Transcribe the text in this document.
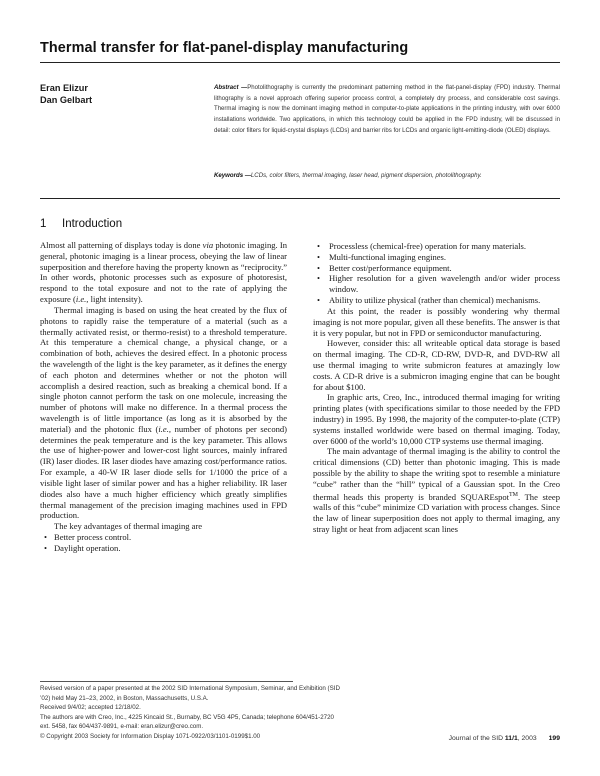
Thermal transfer for flat-panel-display manufacturing
Eran Elizur
Dan Gelbart
Abstract —Photolithography is currently the predominant patterning method in the flat-panel-display (FPD) industry. Thermal lithography is a novel approach offering superior process control, a completely dry process, and considerable cost savings. Thermal imaging is now the dominant imaging method in computer-to-plate applications in the printing industry, with over 6000 installations worldwide. Two applications, in which this technology could be applied in the FPD industry, will be discussed in detail: color filters for liquid-crystal displays (LCDs) and barrier ribs for LCDs and organic light-emitting-diode (OLED) displays.
Keywords —LCDs, color filters, thermal imaging, laser head, pigment dispersion, photolithography.
1 Introduction

Almost all patterning of displays today is done via photonic imaging. In general, photonic imaging is a linear process, obeying the law of linear superposition and therefore having the property known as “reciprocity.” In other words, photonic processes such as exposure of photoresist, respond to the total exposure and not to the rate of applying the exposure (i.e., light intensity).

Thermal imaging is based on using the heat created by the flux of photons to rapidly raise the temperature of a material (such as a thermally activated resist, or thermo-resist) to a threshold temperature. At this temperature a chemical change, a physical change, or a combination of both, achieves the desired effect. In a photonic process the wavelength of the light is the key parameter, as it defines the energy of each photon and determines whether or not the photon will accomplish a desired reaction, such as breaking a chemical bond. If a single photon cannot perform the task on one molecule, increasing the number of photons will make no difference. In a thermal process the wavelength is of little importance (as long as it is absorbed by the material) and the photonic flux (i.e., number of photons per second) determines the peak temperature and is the key parameter. This allows the use of higher-power and lower-cost light sources, mainly infrared (IR) laser diodes. IR laser diodes have amazing cost/performance ratios. For example, a 40-W IR laser diode sells for 1/1000 the price of a visible light laser of similar power and has a higher reliability. IR laser diodes also have a much higher efficiency which greatly simplifies thermal management of the precision imaging machines used in FPD production.

The key advantages of thermal imaging are

• Better process control.
• Daylight operation.
• Processless (chemical-free) operation for many materials.
• Multi-functional imaging engines.
• Better cost/performance equipment.
• Higher resolution for a given wavelength and/or wider process window.
• Ability to utilize physical (rather than chemical) mechanisms.

At this point, the reader is possibly wondering why thermal imaging is not more popular, given all these benefits. The answer is that it is very popular, but not in FPD or semiconductor manufacturing.

However, consider this: all writeable optical data storage is based on thermal imaging. The CD-R, CD-RW, DVD-R, and DVD-RW all use thermal imaging to write submicron features at amazingly low costs. A CD-R drive is a submicron imaging engine that can be bought for about $100.

In graphic arts, Creo, Inc., introduced thermal imaging for writing printing plates (with specifications similar to those needed by the FPD industry) in 1995. By 1998, the majority of the computer-to-plate (CTP) systems installed worldwide were based on thermal imaging. Today, over 6000 of the world’s 10,000 CTP systems use thermal imaging.

The main advantage of thermal imaging is the ability to control the critical dimensions (CD) better than photonic imaging. This is made possible by the ability to shape the writing spot to resemble a miniature “cube” rather than the “hill” typical of a Gaussian spot. In the Creo thermal heads this property is branded SQUAREspot™. The steep walls of this “cube” minimize CD variation with process changes. Since the law of linear superposition does not apply to thermal imaging, any stray light or heat from adjacent scan lines

Revised version of a paper presented at the 2002 SID International Symposium, Seminar, and Exhibition (SID ’02) held May 21–23, 2002, in Boston, Massachusetts, U.S.A.

Received 9/4/02; accepted 12/18/02.

The authors are with Creo, Inc., 4225 Kincaid St., Burnaby, BC V5G 4P5, Canada; telephone 604/451-2720 ext. 5458, fax 604/437-9891, e-mail: eran.elizur@creo.com.

© Copyright 2003 Society for Information Display 1071-0922/03/1101-0199$1.00	Journal of the SID 11/1, 2003 199
